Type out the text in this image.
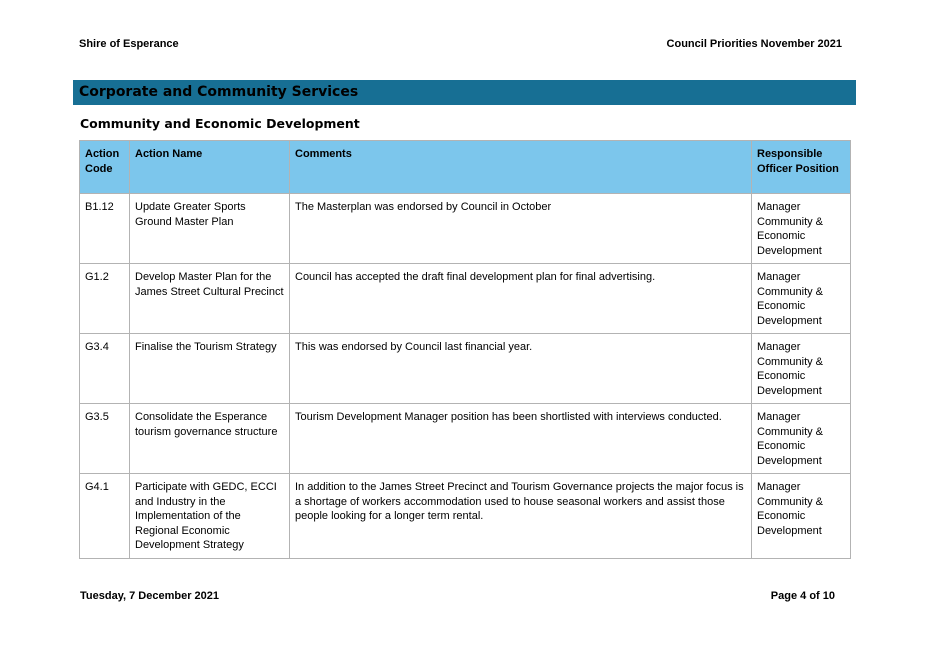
Shire of Esperance	Council Priorities November 2021
Corporate and Community Services
Community and Economic Development
Action Code	Action Name	Comments	Responsible Officer Position
B1.12	Update Greater Sports Ground Master Plan	The Masterplan was endorsed by Council in October	Manager Community & Economic Development
G1.2	Develop Master Plan for the James Street Cultural Precinct	Council has accepted the draft final development plan for final advertising.	Manager Community & Economic Development
G3.4	Finalise the Tourism Strategy	This was endorsed by Council last financial year.	Manager Community & Economic Development
G3.5	Consolidate the Esperance tourism governance structure	Tourism Development Manager position has been shortlisted with interviews conducted.	Manager Community & Economic Development
G4.1	Participate with GEDC, ECCI and Industry in the Implementation of the Regional Economic Development Strategy	In addition to the James Street Precinct and Tourism Governance projects the major focus is a shortage of workers accommodation used to house seasonal workers and assist those people looking for a longer term rental.	Manager Community & Economic Development
Tuesday, 7 December 2021	Page 4 of 10
